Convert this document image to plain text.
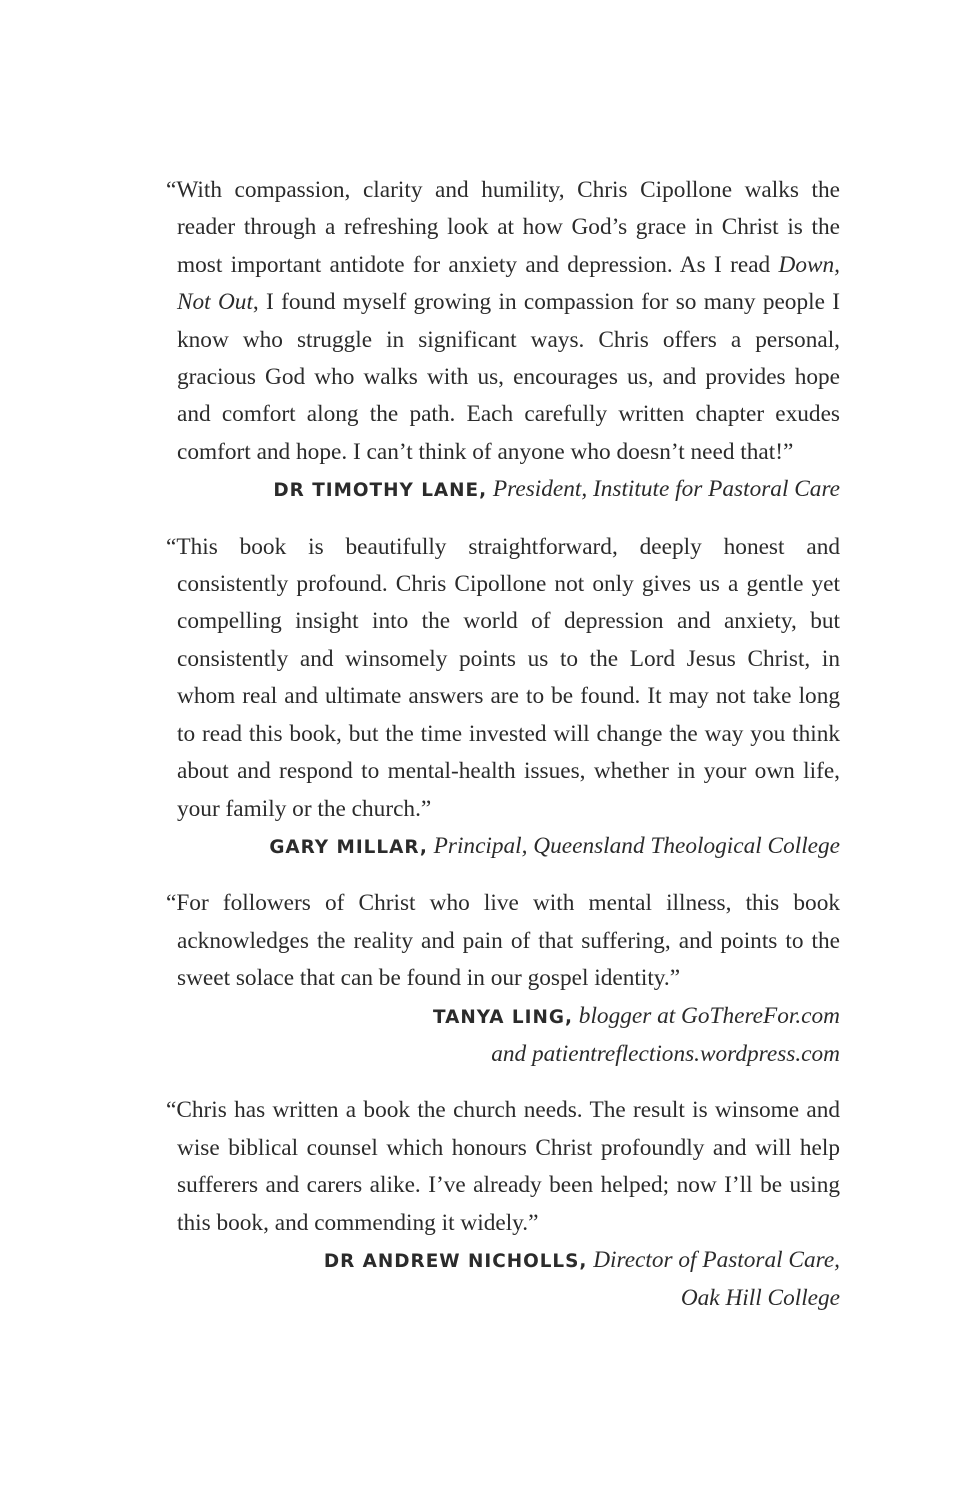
“With compassion, clarity and humility, Chris Cipollone walks the reader through a refreshing look at how God’s grace in Christ is the most important antidote for anxiety and depression. As I read Down, Not Out, I found myself growing in compassion for so many people I know who struggle in significant ways. Chris offers a personal, gracious God who walks with us, encourages us, and provides hope and comfort along the path. Each carefully written chapter exudes comfort and hope. I can’t think of anyone who doesn’t need that!”

DR TIMOTHY LANE, President, Institute for Pastoral Care

“This book is beautifully straightforward, deeply honest and consistently profound. Chris Cipollone not only gives us a gentle yet compelling insight into the world of depression and anxiety, but consistently and winsomely points us to the Lord Jesus Christ, in whom real and ultimate answers are to be found. It may not take long to read this book, but the time invested will change the way you think about and respond to mental-health issues, whether in your own life, your family or the church.”

GARY MILLAR, Principal, Queensland Theological College

“For followers of Christ who live with mental illness, this book acknowledges the reality and pain of that suffering, and points to the sweet solace that can be found in our gospel identity.”

TANYA LING, blogger at GoThereFor.com
and patientreflections.wordpress.com

“Chris has written a book the church needs. The result is winsome and wise biblical counsel which honours Christ profoundly and will help sufferers and carers alike. I’ve already been helped; now I’ll be using this book, and commending it widely.”

DR ANDREW NICHOLLS, Director of Pastoral Care,
Oak Hill College
